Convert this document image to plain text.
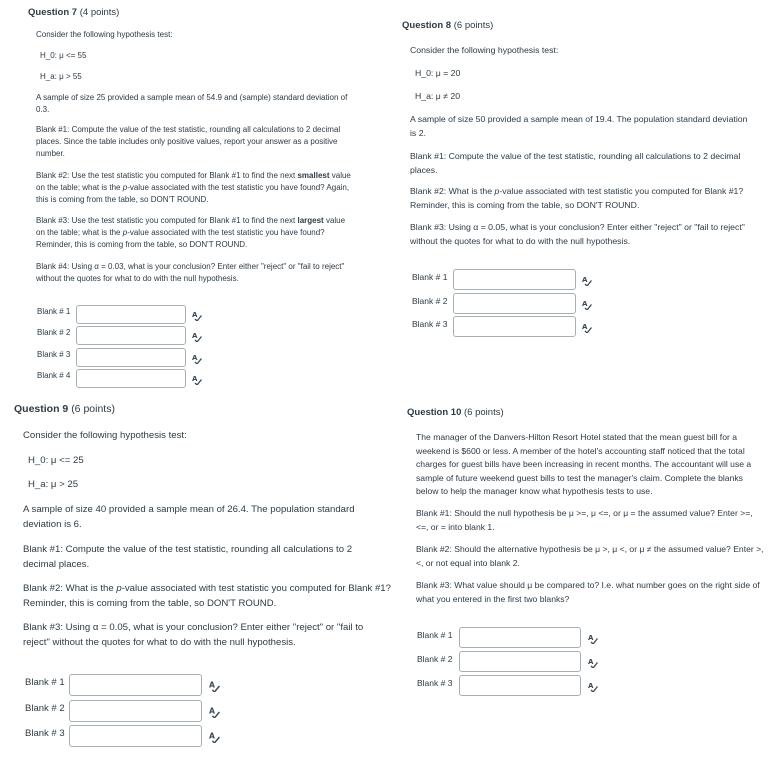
Question 7 (4 points)
Consider the following hypothesis test:
H_0: μ <= 55
H_a: μ > 55
A sample of size 25 provided a sample mean of 54.9 and (sample) standard deviation of 0.3.
Blank #1: Compute the value of the test statistic, rounding all calculations to 2 decimal places. Since the table includes only positive values, report your answer as a positive number.
Blank #2: Use the test statistic you computed for Blank #1 to find the next smallest value on the table; what is the p-value associated with the test statistic you have found? Again, this is coming from the table, so DON'T ROUND.
Blank #3: Use the test statistic you computed for Blank #1 to find the next largest value on the table; what is the p-value associated with the test statistic you have found? Reminder, this is coming from the table, so DON'T ROUND.
Blank #4: Using α = 0.03, what is your conclusion? Enter either "reject" or "fail to reject" without the quotes for what to do with the null hypothesis.
Blank # 1	A
Blank # 2	A
Blank # 3	A
Blank # 4	A
Question 8 (6 points)
Consider the following hypothesis test:
H_0: μ = 20
H_a: μ ≠ 20
A sample of size 50 provided a sample mean of 19.4. The population standard deviation is 2.
Blank #1: Compute the value of the test statistic, rounding all calculations to 2 decimal places.
Blank #2: What is the p-value associated with test statistic you computed for Blank #1? Reminder, this is coming from the table, so DON'T ROUND.
Blank #3: Using α = 0.05, what is your conclusion? Enter either "reject" or "fail to reject" without the quotes for what to do with the null hypothesis.
Blank # 1	A
Blank # 2	A
Blank # 3	A
Question 9 (6 points)
Consider the following hypothesis test:
H_0: μ <= 25
H_a: μ > 25
A sample of size 40 provided a sample mean of 26.4. The population standard deviation is 6.
Blank #1: Compute the value of the test statistic, rounding all calculations to 2 decimal places.
Blank #2: What is the p-value associated with test statistic you computed for Blank #1? Reminder, this is coming from the table, so DON'T ROUND.
Blank #3: Using α = 0.05, what is your conclusion? Enter either "reject" or "fail to reject" without the quotes for what to do with the null hypothesis.
Blank # 1	A
Blank # 2	A
Blank # 3	A
Question 10 (6 points)
The manager of the Danvers-Hilton Resort Hotel stated that the mean guest bill for a weekend is $600 or less. A member of the hotel's accounting staff noticed that the total charges for guest bills have been increasing in recent months. The accountant will use a sample of future weekend guest bills to test the manager's claim. Complete the blanks below to help the manager know what hypothesis tests to use.
Blank #1: Should the null hypothesis be μ >=, μ <=, or μ = the assumed value? Enter >=, <=, or = into blank 1.
Blank #2: Should the alternative hypothesis be μ >, μ <, or μ ≠ the assumed value? Enter >, <, or not equal into blank 2.
Blank #3: What value should μ be compared to? I.e. what number goes on the right side of what you entered in the first two blanks?
Blank # 1	A
Blank # 2	A
Blank # 3	A
